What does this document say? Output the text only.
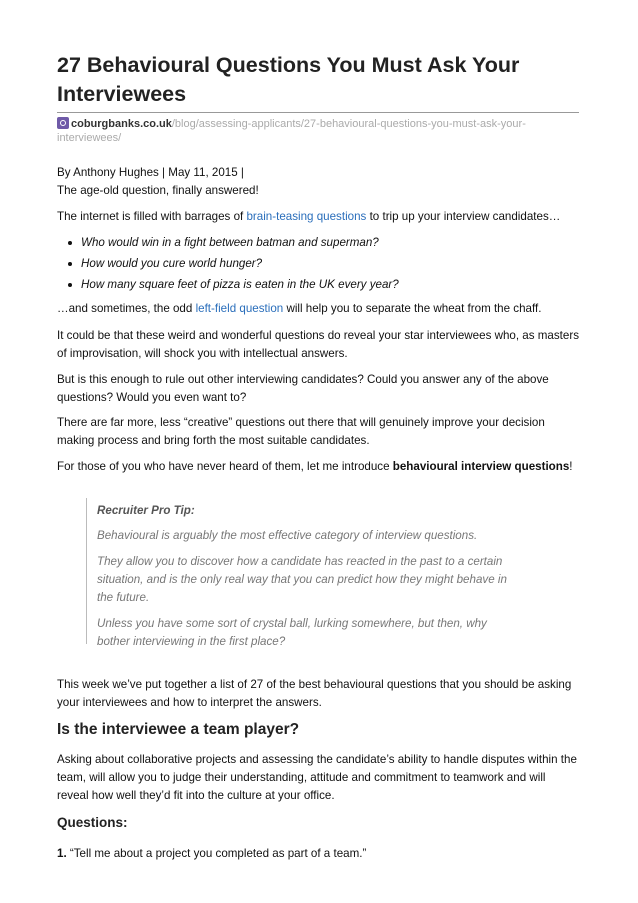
27 Behavioural Questions You Must Ask Your Interviewees
coburgbanks.co.uk/blog/assessing-applicants/27-behavioural-questions-you-must-ask-your-interviewees/

By Anthony Hughes | May 11, 2015 |

The age-old question, finally answered!

The internet is filled with barrages of brain-teasing questions to trip up your interview candidates…

Who would win in a fight between batman and superman?
How would you cure world hunger?
How many square feet of pizza is eaten in the UK every year?

…and sometimes, the odd left-field question will help you to separate the wheat from the chaff.

It could be that these weird and wonderful questions do reveal your star interviewees who, as masters of improvisation, will shock you with intellectual answers.

But is this enough to rule out other interviewing candidates? Could you answer any of the above questions? Would you even want to?

There are far more, less “creative” questions out there that will genuinely improve your decision making process and bring forth the most suitable candidates.

For those of you who have never heard of them, let me introduce behavioural interview questions!

Recruiter Pro Tip:

Behavioural is arguably the most effective category of interview questions.

They allow you to discover how a candidate has reacted in the past to a certain situation, and is the only real way that you can predict how they might behave in the future.

Unless you have some sort of crystal ball, lurking somewhere, but then, why bother interviewing in the first place?

This week we’ve put together a list of 27 of the best behavioural questions that you should be asking your interviewees and how to interpret the answers.

Is the interviewee a team player?

Asking about collaborative projects and assessing the candidate’s ability to handle disputes within the team, will allow you to judge their understanding, attitude and commitment to teamwork and will reveal how well they’d fit into the culture at your office.

Questions:

1. “Tell me about a project you completed as part of a team.”
